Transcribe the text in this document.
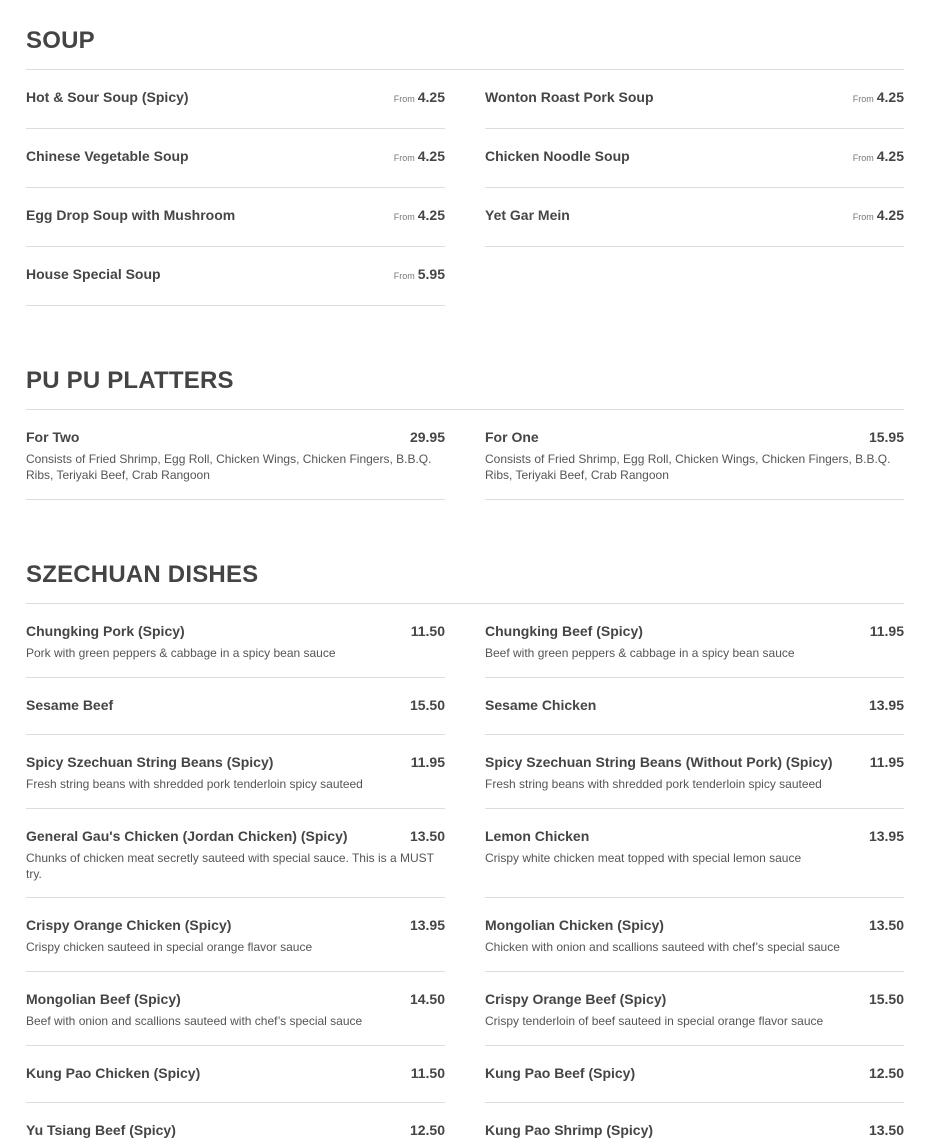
SOUP
Hot & Sour Soup (Spicy)	From 4.25
Chinese Vegetable Soup	From 4.25
Egg Drop Soup with Mushroom	From 4.25
House Special Soup	From 5.95
Wonton Roast Pork Soup	From 4.25
Chicken Noodle Soup	From 4.25
Yet Gar Mein	From 4.25
PU PU PLATTERS
For Two	29.95
Consists of Fried Shrimp, Egg Roll, Chicken Wings, Chicken Fingers, B.B.Q. Ribs, Teriyaki Beef, Crab Rangoon
For One	15.95
Consists of Fried Shrimp, Egg Roll, Chicken Wings, Chicken Fingers, B.B.Q. Ribs, Teriyaki Beef, Crab Rangoon
SZECHUAN DISHES
Chungking Pork (Spicy)	11.50
Pork with green peppers & cabbage in a spicy bean sauce
Sesame Beef	15.50
Spicy Szechuan String Beans (Spicy)	11.95
Fresh string beans with shredded pork tenderloin spicy sauteed
General Gau's Chicken (Jordan Chicken) (Spicy)	13.50
Chunks of chicken meat secretly sauteed with special sauce. This is a MUST try.
Crispy Orange Chicken (Spicy)	13.95
Crispy chicken sauteed in special orange flavor sauce
Mongolian Beef (Spicy)	14.50
Beef with onion and scallions sauteed with chef’s special sauce
Kung Pao Chicken (Spicy)	11.50
Yu Tsiang Beef (Spicy)	12.50
Chungking Beef (Spicy)	11.95
Beef with green peppers & cabbage in a spicy bean sauce
Sesame Chicken	13.95
Spicy Szechuan String Beans (Without Pork) (Spicy)	11.95
Fresh string beans with shredded pork tenderloin spicy sauteed
Lemon Chicken	13.95
Crispy white chicken meat topped with special lemon sauce
Mongolian Chicken (Spicy)	13.50
Chicken with onion and scallions sauteed with chef’s special sauce
Crispy Orange Beef (Spicy)	15.50
Crispy tenderloin of beef sauteed in special orange flavor sauce
Kung Pao Beef (Spicy)	12.50
Kung Pao Shrimp (Spicy)	13.50
